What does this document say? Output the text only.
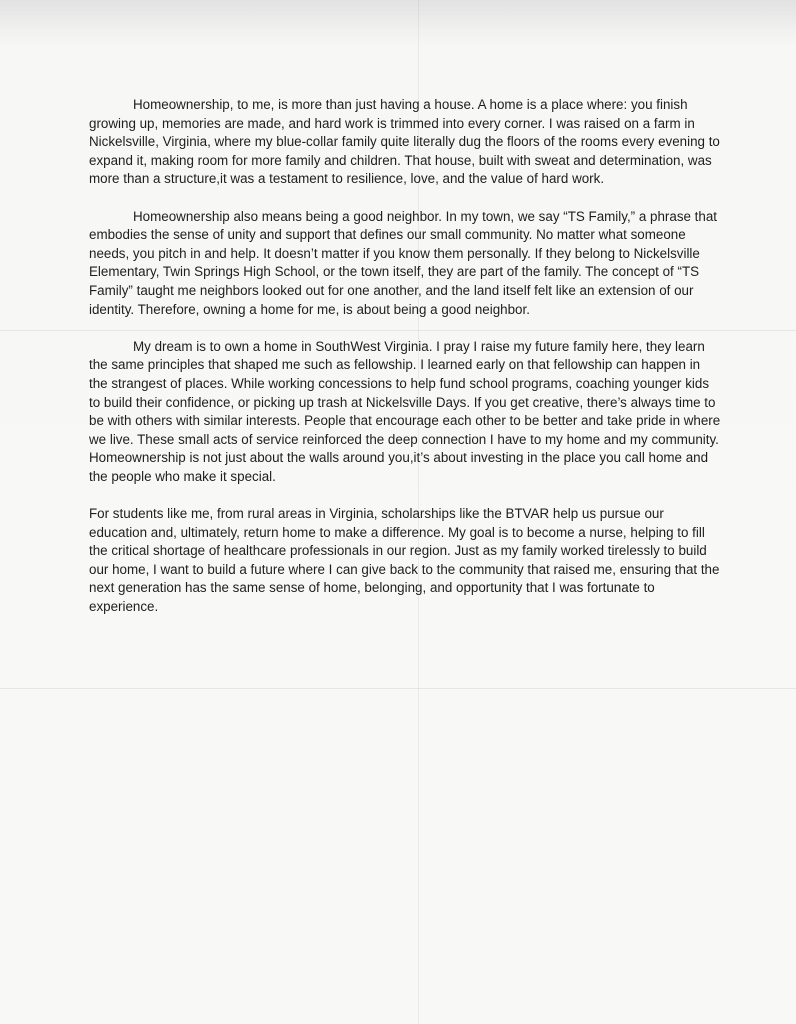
Homeownership, to me, is more than just having a house. A home is a place where: you finish growing up, memories are made, and hard work is trimmed into every corner. I was raised on a farm in Nickelsville, Virginia, where my blue-collar family quite literally dug the floors of the rooms every evening to expand it, making room for more family and children. That house, built with sweat and determination, was more than a structure,it was a testament to resilience, love, and the value of hard work.

Homeownership also means being a good neighbor. In my town, we say “TS Family,” a phrase that embodies the sense of unity and support that defines our small community. No matter what someone needs, you pitch in and help. It doesn’t matter if you know them personally. If they belong to Nickelsville Elementary, Twin Springs High School, or the town itself, they are part of the family. The concept of “TS Family” taught me neighbors looked out for one another, and the land itself felt like an extension of our identity. Therefore, owning a home for me, is about being a good neighbor.

My dream is to own a home in SouthWest Virginia. I pray I raise my future family here, they learn the same principles that shaped me such as fellowship. I learned early on that fellowship can happen in the strangest of places. While working concessions to help fund school programs, coaching younger kids to build their confidence, or picking up trash at Nickelsville Days. If you get creative, there’s always time to be with others with similar interests. People that encourage each other to be better and take pride in where we live. These small acts of service reinforced the deep connection I have to my home and my community. Homeownership is not just about the walls around you,it’s about investing in the place you call home and the people who make it special.

For students like me, from rural areas in Virginia, scholarships like the BTVAR help us pursue our education and, ultimately, return home to make a difference. My goal is to become a nurse, helping to fill the critical shortage of healthcare professionals in our region. Just as my family worked tirelessly to build our home, I want to build a future where I can give back to the community that raised me, ensuring that the next generation has the same sense of home, belonging, and opportunity that I was fortunate to experience.
